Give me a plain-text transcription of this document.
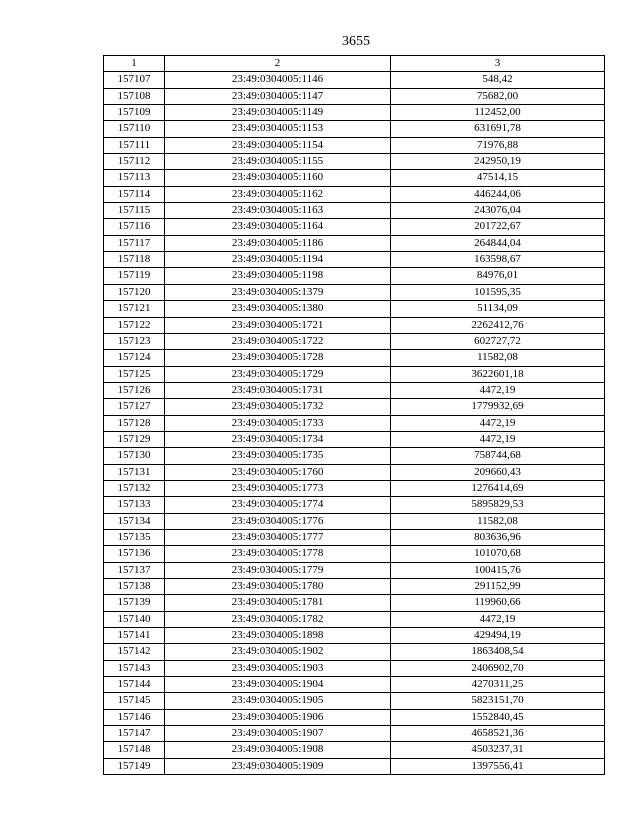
3655
1	2	3
157107	23:49:0304005:1146	548,42
157108	23:49:0304005:1147	75682,00
157109	23:49:0304005:1149	112452,00
157110	23:49:0304005:1153	631691,78
157111	23:49:0304005:1154	71976,88
157112	23:49:0304005:1155	242950,19
157113	23:49:0304005:1160	47514,15
157114	23:49:0304005:1162	446244,06
157115	23:49:0304005:1163	243076,04
157116	23:49:0304005:1164	201722,67
157117	23:49:0304005:1186	264844,04
157118	23:49:0304005:1194	163598,67
157119	23:49:0304005:1198	84976,01
157120	23:49:0304005:1379	101595,35
157121	23:49:0304005:1380	51134,09
157122	23:49:0304005:1721	2262412,76
157123	23:49:0304005:1722	602727,72
157124	23:49:0304005:1728	11582,08
157125	23:49:0304005:1729	3622601,18
157126	23:49:0304005:1731	4472,19
157127	23:49:0304005:1732	1779932,69
157128	23:49:0304005:1733	4472,19
157129	23:49:0304005:1734	4472,19
157130	23:49:0304005:1735	758744,68
157131	23:49:0304005:1760	209660,43
157132	23:49:0304005:1773	1276414,69
157133	23:49:0304005:1774	5895829,53
157134	23:49:0304005:1776	11582,08
157135	23:49:0304005:1777	803636,96
157136	23:49:0304005:1778	101070,68
157137	23:49:0304005:1779	100415,76
157138	23:49:0304005:1780	291152,99
157139	23:49:0304005:1781	119960,66
157140	23:49:0304005:1782	4472,19
157141	23:49:0304005:1898	429494,19
157142	23:49:0304005:1902	1863408,54
157143	23:49:0304005:1903	2406902,70
157144	23:49:0304005:1904	4270311,25
157145	23:49:0304005:1905	5823151,70
157146	23:49:0304005:1906	1552840,45
157147	23:49:0304005:1907	4658521,36
157148	23:49:0304005:1908	4503237,31
157149	23:49:0304005:1909	1397556,41
